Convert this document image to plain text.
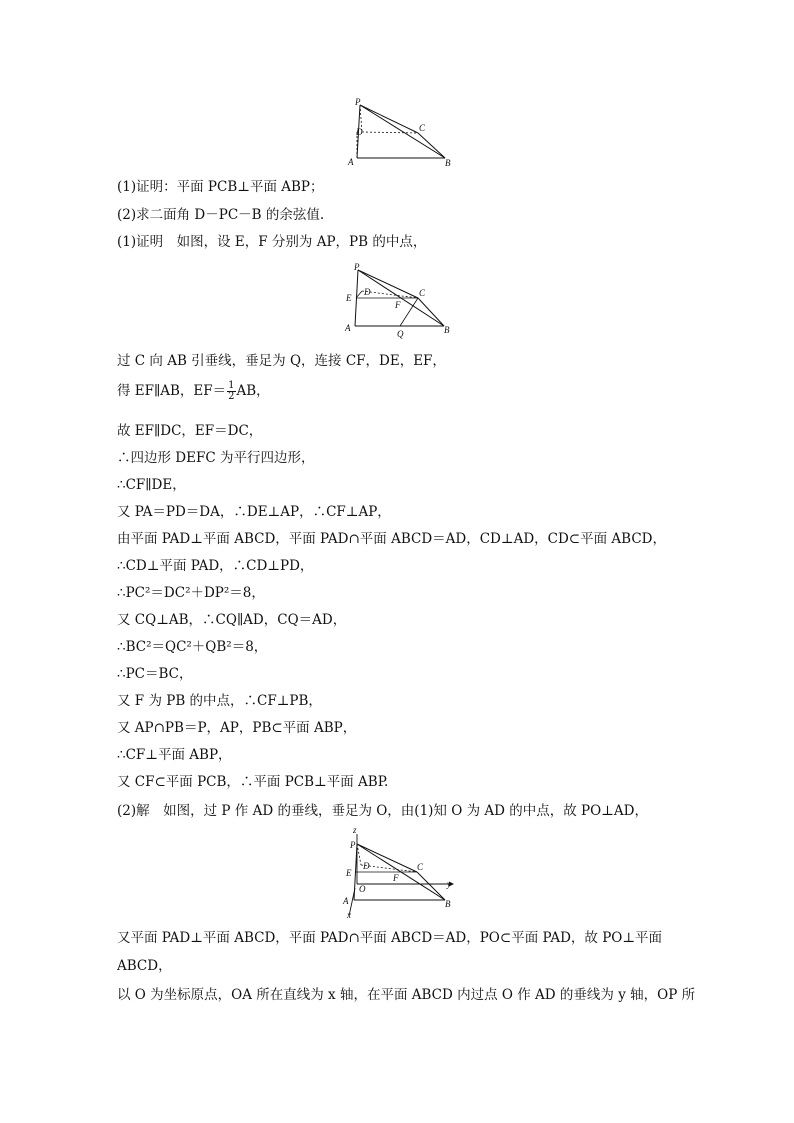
P
D	C
A	B
(1)证明：平面 PCB⊥平面 ABP；
(2)求二面角 D－PC－B 的余弦值.
(1)证明　如图，设 E，F 分别为 AP，PB 的中点，
P
E
D	C
F
A
Q	B
过 C 向 AB 引垂线，垂足为 Q，连接 CF，DE，EF，
得 EF∥AB，$EF= \frac{1}{2}$ AB，
故 EF∥DC，EF＝DC，
∴四边形 DEFC 为平行四边形，
∴CF∥DE，
又 PA＝PD＝DA，∴DE⊥AP，∴CF⊥AP，
由平面 PAD⊥平面 ABCD，平面 PAD∩平面 ABCD＝AD，CD⊥AD，CD⊂平面 ABCD，
∴CD⊥平面 PAD，∴CD⊥PD，
∴PC²＝DC²＋DP²＝8，
又 CQ⊥AB，∴CQ∥AD，CQ＝AD，
∴BC²＝QC²＋QB²＝8，
∴PC＝BC，
又 F 为 PB 的中点，∴CF⊥PB，
又 AP∩PB＝P，AP，PB⊂平面 ABP，
∴CF⊥平面 ABP，
又 CF⊂平面 PCB，∴平面 PCB⊥平面 ABP.
(2)解　如图，过 P 作 AD 的垂线，垂足为 O，由(1)知 O 为 AD 的中点，故 PO⊥AD，
z
P
D	C
E	F
O	y
A	B
x
又平面 PAD⊥平面 ABCD，平面 PAD∩平面 ABCD＝AD，PO⊂平面 PAD，故 PO⊥平面
ABCD，
以 O 为坐标原点，OA 所在直线为 x 轴，在平面 ABCD 内过点 O 作 AD 的垂线为 y 轴，OP 所
